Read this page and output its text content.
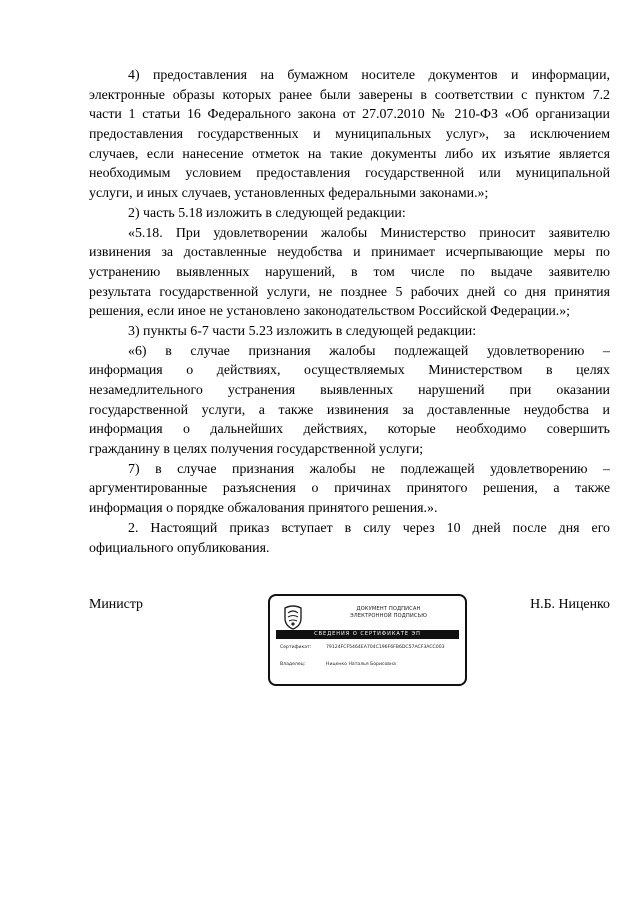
4) предоставления на бумажном носителе документов и информации,
электронные образы которых ранее были заверены в соответствии с пунктом 7.2
части 1 статьи 16 Федерального закона от 27.07.2010 № 210-ФЗ «Об организации
предоставления государственных и муниципальных услуг», за исключением
случаев, если нанесение отметок на такие документы либо их изъятие является
необходимым условием предоставления государственной или муниципальной
услуги, и иных случаев, установленных федеральными законами.»;
2) часть 5.18 изложить в следующей редакции:
«5.18. При удовлетворении жалобы Министерство приносит заявителю
извинения за доставленные неудобства и принимает исчерпывающие меры по
устранению выявленных нарушений, в том числе по выдаче заявителю
результата государственной услуги, не позднее 5 рабочих дней со дня принятия
решения, если иное не установлено законодательством Российской Федерации.»;
3) пункты 6-7 части 5.23 изложить в следующей редакции:
«6) в случае признания жалобы подлежащей удовлетворению –
информация о действиях, осуществляемых Министерством в целях
незамедлительного устранения выявленных нарушений при оказании
государственной услуги, а также извинения за доставленные неудобства и
информация о дальнейших действиях, которые необходимо совершить
гражданину в целях получения государственной услуги;
7) в случае признания жалобы не подлежащей удовлетворению –
аргументированные разъяснения о причинах принятого решения, а также
информация о порядке обжалования принятого решения.».
2. Настоящий приказ вступает в силу через 10 дней после дня его
официального опубликования.
Министр	Н.Б. Ниценко
ДОКУМЕНТ ПОДПИСАН
ЭЛЕКТРОННОЙ ПОДПИСЬЮ
СВЕДЕНИЯ О СЕРТИФИКАТЕ ЭП
Сертификат:	79124FCF5464EA704C196F6FB6DC57ACF3ACC003
Владелец:	Ниценко Наталья Борисовна
